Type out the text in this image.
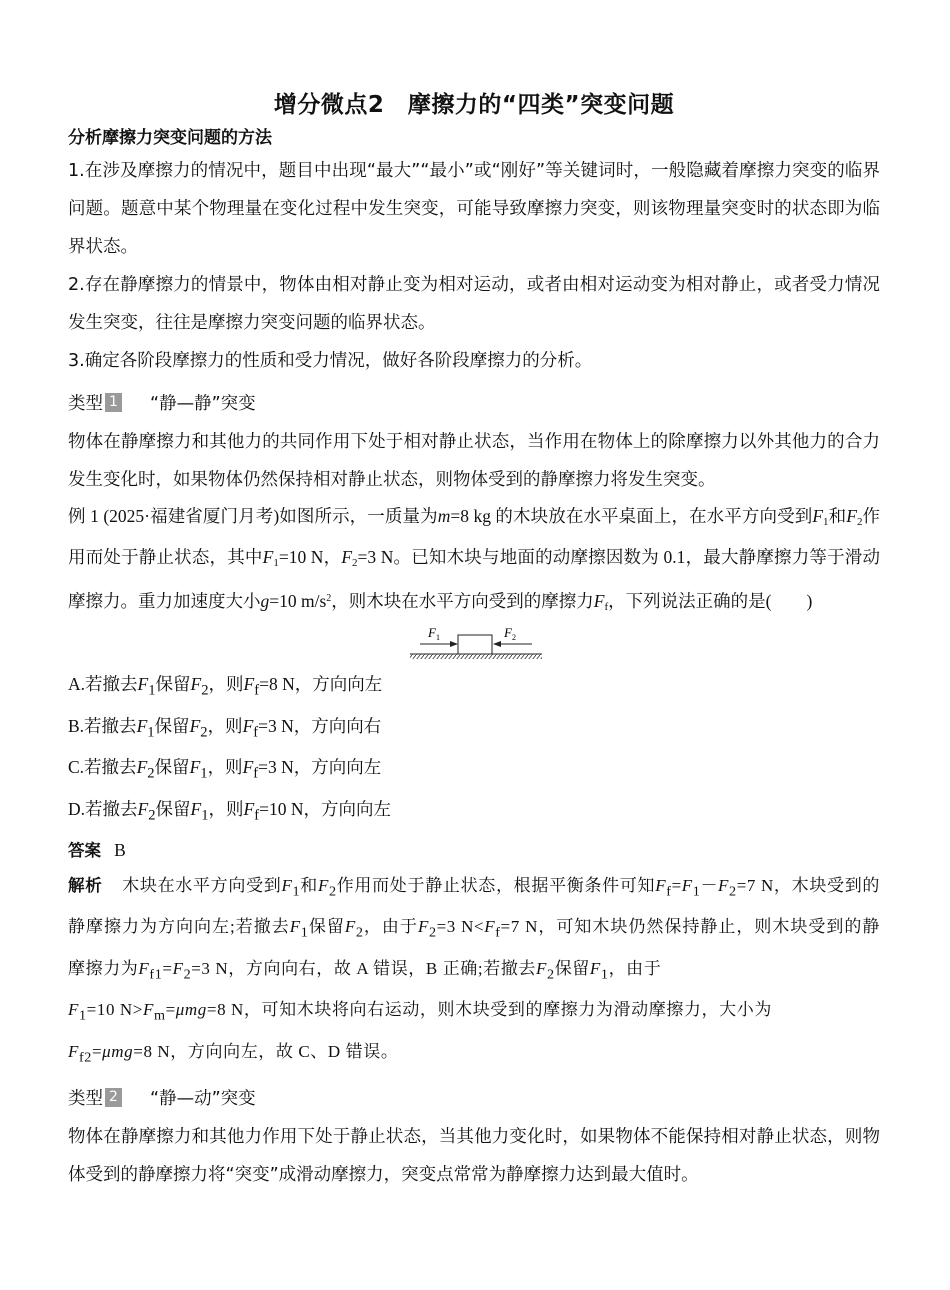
增分微点2　摩擦力的“四类”突变问题

分析摩擦力突变问题的方法

1.在涉及摩擦力的情况中，题目中出现“最大”“最小”或“刚好”等关键词时，一般隐藏着摩擦力突变的临界问题。题意中某个物理量在变化过程中发生突变，可能导致摩擦力突变，则该物理量突变时的状态即为临界状态。

2.存在静摩擦力的情景中，物体由相对静止变为相对运动，或者由相对运动变为相对静止，或者受力情况发生突变，往往是摩擦力突变问题的临界状态。

3.确定各阶段摩擦力的性质和受力情况，做好各阶段摩擦力的分析。

类型 1 “静—静”突变

物体在静摩擦力和其他力的共同作用下处于相对静止状态，当作用在物体上的除摩擦力以外其他力的合力发生变化时，如果物体仍然保持相对静止状态，则物体受到的静摩擦力将发生突变。

例 1 (2025·福建省厦门月考)如图所示，一质量为m=8 kg 的木块放在水平桌面上，在水平方向受到$F_1$和$F_2$作用而处于静止状态，其中$F_1=10$ N，$F_2=3$ N。已知木块与地面的动摩擦因数为 0.1，最大静摩擦力等于滑动摩擦力。重力加速度大小g=10 $m/s^2$，则木块在水平方向受到的摩擦力$F_f$，下列说法正确的是(　　)

$F_1$	$F_2$

A.若撤去$F_1$保留$F_2$，则$F_f=8$ N，方向向左

B.若撤去$F_1$保留$F_2$，则$F_f=3$ N，方向向右

C.若撤去$F_2$保留$F_1$，则$F_f=3$ N，方向向左

D.若撤去$F_2$保留$F_1$，则$F_f=10$ N，方向向左

答案 B

解析 木块在水平方向受到$F_1$和$F_2$作用而处于静止状态，根据平衡条件可知$F_f=F_1-F_2=7$ N，木块受到的静摩擦力为方向向左;若撤去$F_1$保留$F_2$，由于$F_2=3$ $N<F_f=7$ N，可知木块仍然保持静止，则木块受到的静摩擦力为$F_{f1}=F_2=3$ N，方向向右，故 A 错误，B 正确;若撤去$F_2$保留$F_1$，由于
$F_1=10$ $N>F_m=\mu mg=8$ N，可知木块将向右运动，则木块受到的摩擦力为滑动摩擦力，大小为
$F_{f2}=\mu mg=8$ N，方向向左，故 C、D 错误。

类型 2 “静—动”突变

物体在静摩擦力和其他力作用下处于静止状态，当其他力变化时，如果物体不能保持相对静止状态，则物体受到的静摩擦力将“突变”成滑动摩擦力，突变点常常为静摩擦力达到最大值时。
